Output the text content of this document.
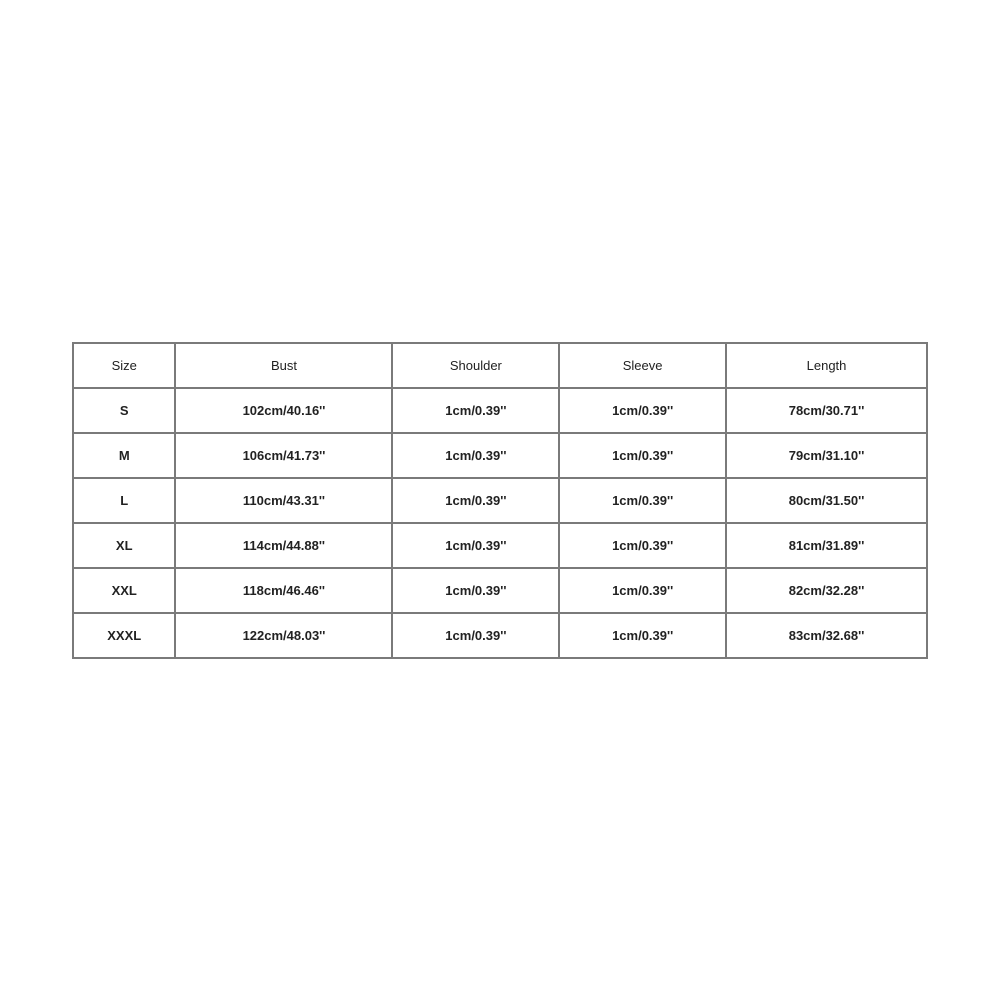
Size	Bust	Shoulder	Sleeve	Length
S	102cm/40.16''	1cm/0.39''	1cm/0.39''	78cm/30.71''
M	106cm/41.73''	1cm/0.39''	1cm/0.39''	79cm/31.10''
L	110cm/43.31''	1cm/0.39''	1cm/0.39''	80cm/31.50''
XL	114cm/44.88''	1cm/0.39''	1cm/0.39''	81cm/31.89''
XXL	118cm/46.46''	1cm/0.39''	1cm/0.39''	82cm/32.28''
XXXL	122cm/48.03''	1cm/0.39''	1cm/0.39''	83cm/32.68''
